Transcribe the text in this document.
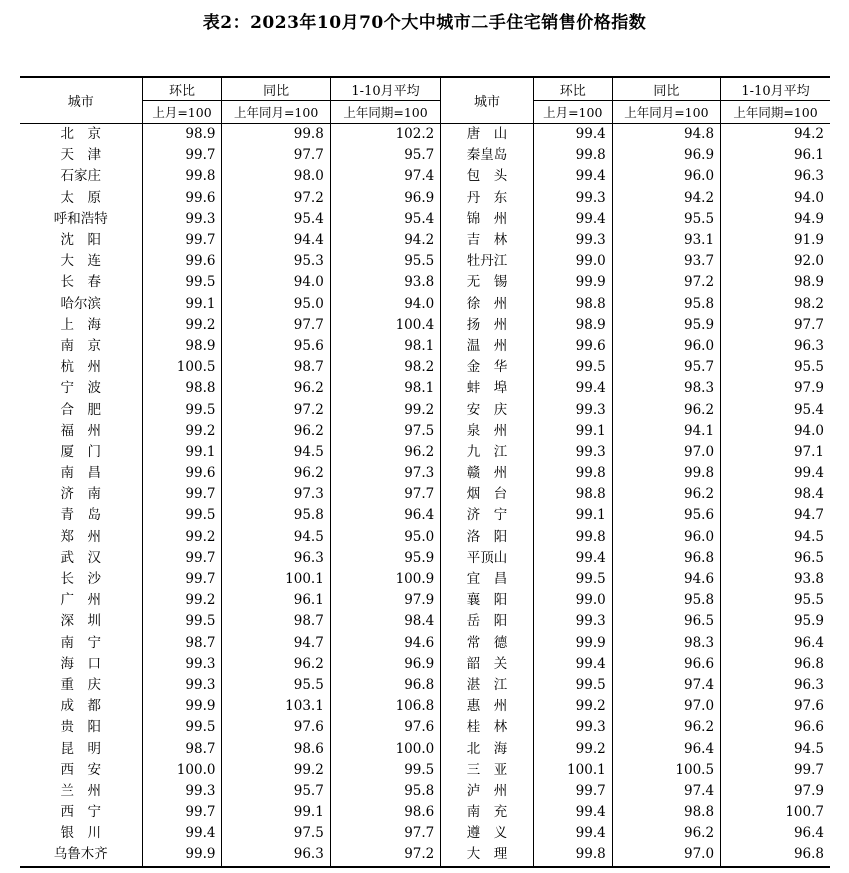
表2：2023年10月70个大中城市二手住宅销售价格指数
城市	环比	同比	1-10月平均	城市	环比	同比	1-10月平均
	上月=100	上年同月=100	上年同期=100		上月=100	上年同月=100	上年同期=100
北　京	98.9	99.8	102.2	唐　山	99.4	94.8	94.2
天　津	99.7	97.7	95.7	秦皇岛	99.8	96.9	96.1
石家庄	99.8	98.0	97.4	包　头	99.4	96.0	96.3
太　原	99.6	97.2	96.9	丹　东	99.3	94.2	94.0
呼和浩特	99.3	95.4	95.4	锦　州	99.4	95.5	94.9
沈　阳	99.7	94.4	94.2	吉　林	99.3	93.1	91.9
大　连	99.6	95.3	95.5	牡丹江	99.0	93.7	92.0
长　春	99.5	94.0	93.8	无　锡	99.9	97.2	98.9
哈尔滨	99.1	95.0	94.0	徐　州	98.8	95.8	98.2
上　海	99.2	97.7	100.4	扬　州	98.9	95.9	97.7
南　京	98.9	95.6	98.1	温　州	99.6	96.0	96.3
杭　州	100.5	98.7	98.2	金　华	99.5	95.7	95.5
宁　波	98.8	96.2	98.1	蚌　埠	99.4	98.3	97.9
合　肥	99.5	97.2	99.2	安　庆	99.3	96.2	95.4
福　州	99.2	96.2	97.5	泉　州	99.1	94.1	94.0
厦　门	99.1	94.5	96.2	九　江	99.3	97.0	97.1
南　昌	99.6	96.2	97.3	赣　州	99.8	99.8	99.4
济　南	99.7	97.3	97.7	烟　台	98.8	96.2	98.4
青　岛	99.5	95.8	96.4	济　宁	99.1	95.6	94.7
郑　州	99.2	94.5	95.0	洛　阳	99.8	96.0	94.5
武　汉	99.7	96.3	95.9	平顶山	99.4	96.8	96.5
长　沙	99.7	100.1	100.9	宜　昌	99.5	94.6	93.8
广　州	99.2	96.1	97.9	襄　阳	99.0	95.8	95.5
深　圳	99.5	98.7	98.4	岳　阳	99.3	96.5	95.9
南　宁	98.7	94.7	94.6	常　德	99.9	98.3	96.4
海　口	99.3	96.2	96.9	韶　关	99.4	96.6	96.8
重　庆	99.3	95.5	96.8	湛　江	99.5	97.4	96.3
成　都	99.9	103.1	106.8	惠　州	99.2	97.0	97.6
贵　阳	99.5	97.6	97.6	桂　林	99.3	96.2	96.6
昆　明	98.7	98.6	100.0	北　海	99.2	96.4	94.5
西　安	100.0	99.2	99.5	三　亚	100.1	100.5	99.7
兰　州	99.3	95.7	95.8	泸　州	99.7	97.4	97.9
西　宁	99.7	99.1	98.6	南　充	99.4	98.8	100.7
银　川	99.4	97.5	97.7	遵　义	99.4	96.2	96.4
乌鲁木齐	99.9	96.3	97.2	大　理	99.8	97.0	96.8
